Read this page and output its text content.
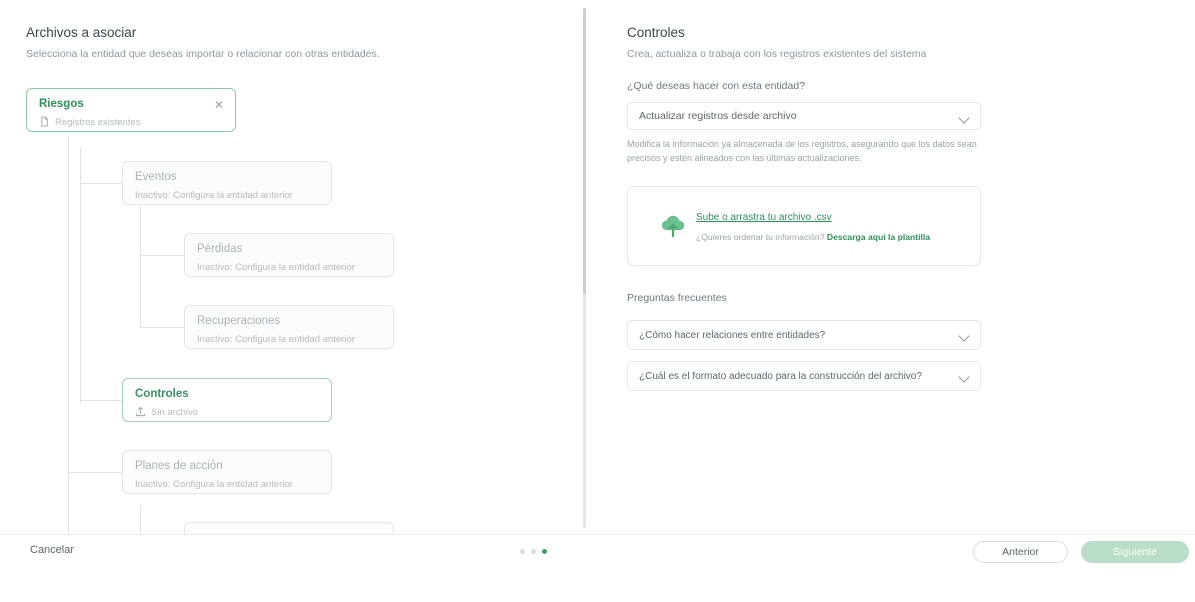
Archivos a asociar
Selecciona la entidad que deseas importar o relacionar con otras entidades.
Riesgos
Registros existentes
✕
Eventos
Inactivo: Configura la entidad anterior
Pérdidas
Inactivo: Configura la entidad anterior
Recuperaciones
Inactivo: Configura la entidad anterior
Controles
Sin archivo
Planes de acción
Inactivo: Configura la entidad anterior
Controles
Crea, actualiza o trabaja con los registros existentes del sistema
¿Qué deseas hacer con esta entidad?
Actualizar registros desde archivo
Modifica la información ya almacenada de los registros, asegurando que los datos sean precisos y estén alineados con las últimas actualizaciones.
Sube o arrastra tu archivo .csv
¿Quieres ordenar tu información? Descarga aquí la plantilla
Preguntas frecuentes
¿Cómo hacer relaciones entre entidades?
¿Cuál es el formato adecuado para la construcción del archivo?
Cancelar	Anterior	Siguiente
